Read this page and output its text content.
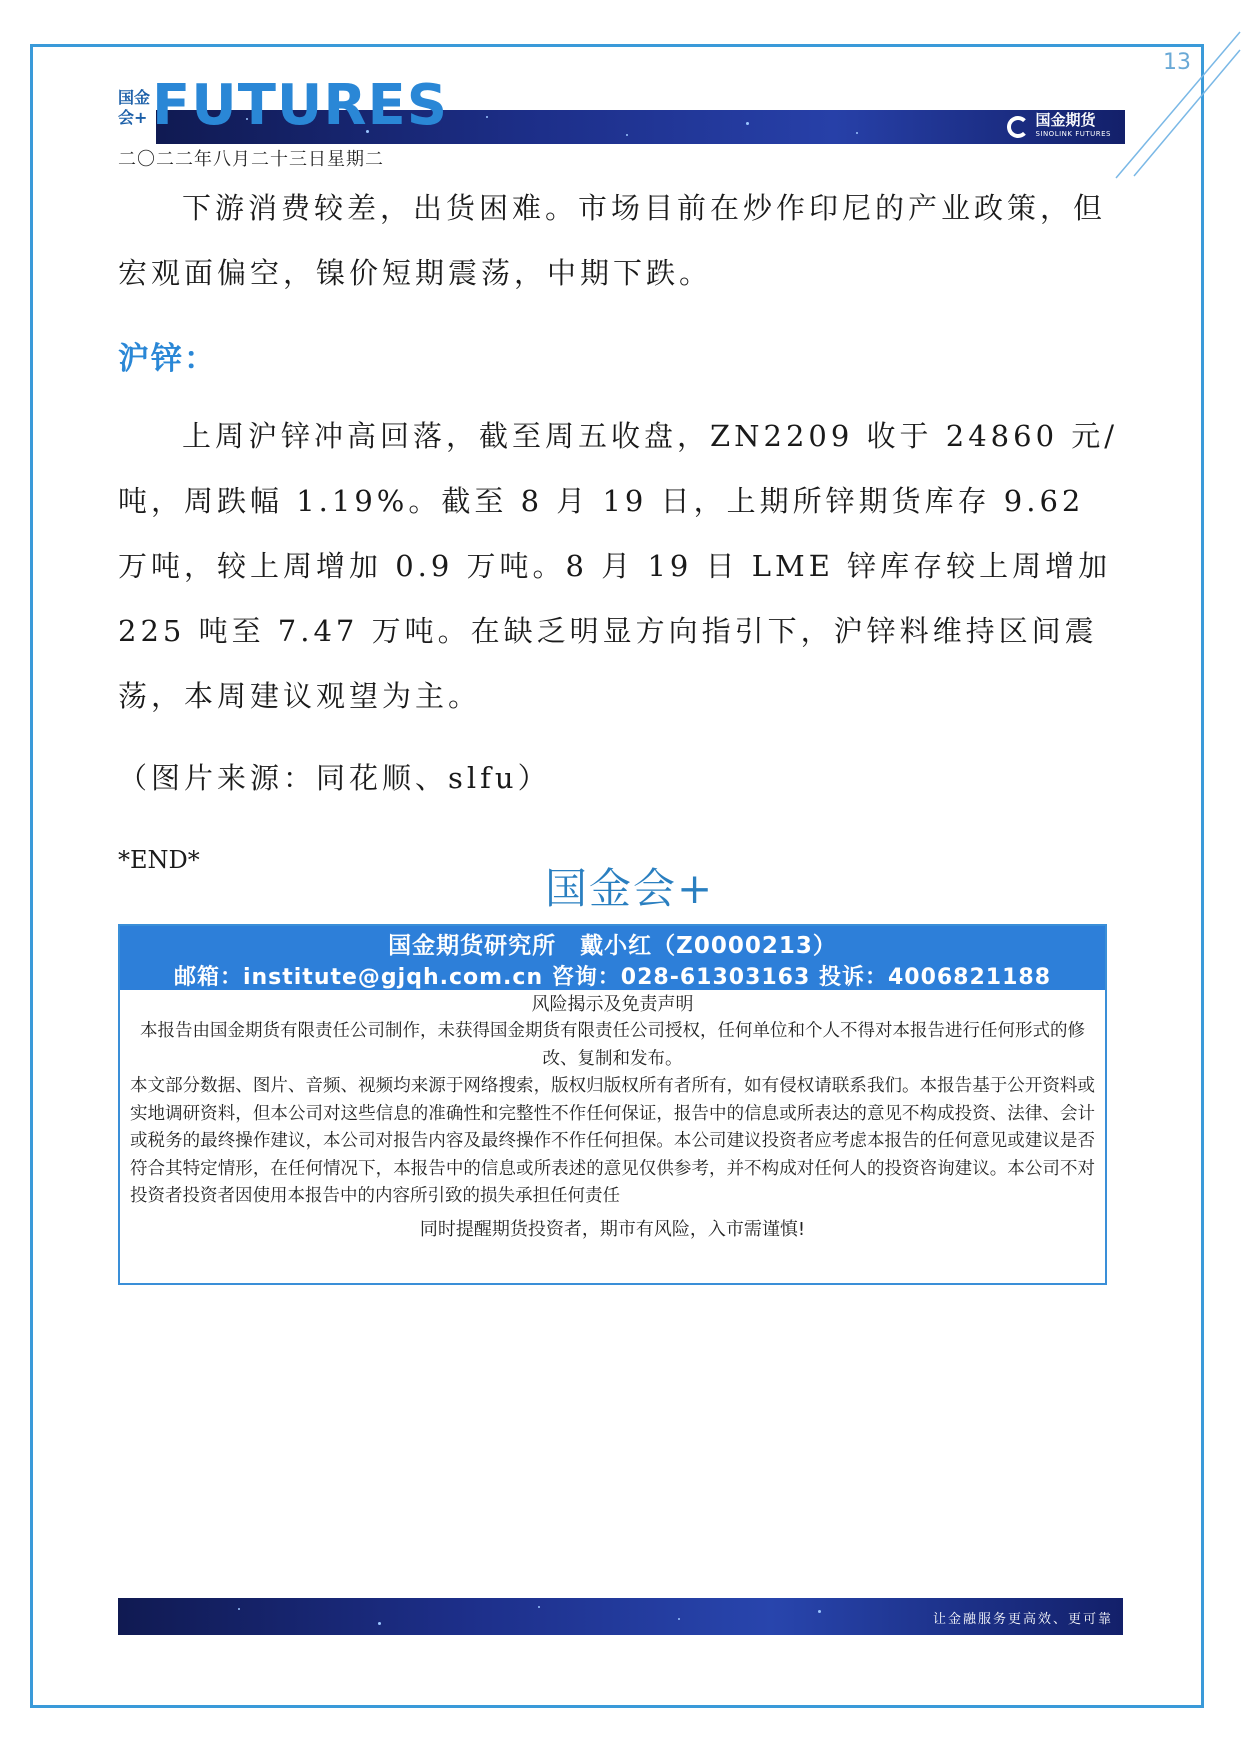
13
国金会+	国金期货
SINOLINK FUTURES
FUTURES
二〇二二年八月二十三日星期二

下游消费较差，出货困难。市场目前在炒作印尼的产业政策，但宏观面偏空，镍价短期震荡，中期下跌。

沪锌：

上周沪锌冲高回落，截至周五收盘，ZN2209 收于 24860 元/吨，周跌幅 1.19%。截至 8 月 19 日，上期所锌期货库存 9.62 万吨，较上周增加 0.9 万吨。8 月 19 日 LME 锌库存较上周增加 225 吨至 7.47 万吨。在缺乏明显方向指引下，沪锌料维持区间震荡，本周建议观望为主。

（图片来源：同花顺、slfu）
*END*
国金会+
国金期货研究所　戴小红（Z0000213）
邮箱：institute@gjqh.com.cn 咨询：028-61303163 投诉：4006821188
风险揭示及免责声明

本报告由国金期货有限责任公司制作，未获得国金期货有限责任公司授权，任何单位和个人不得对本报告进行任何形式的修改、复制和发布。

本文部分数据、图片、音频、视频均来源于网络搜索，版权归版权所有者所有，如有侵权请联系我们。本报告基于公开资料或实地调研资料，但本公司对这些信息的准确性和完整性不作任何保证，报告中的信息或所表达的意见不构成投资、法律、会计或税务的最终操作建议，本公司对报告内容及最终操作不作任何担保。本公司建议投资者应考虑本报告的任何意见或建议是否符合其特定情形，在任何情况下，本报告中的信息或所表述的意见仅供参考，并不构成对任何人的投资咨询建议。本公司不对投资者投资者因使用本报告中的内容所引致的损失承担任何责任

同时提醒期货投资者，期市有风险，入市需谨慎!
让金融服务更高效、更可靠
